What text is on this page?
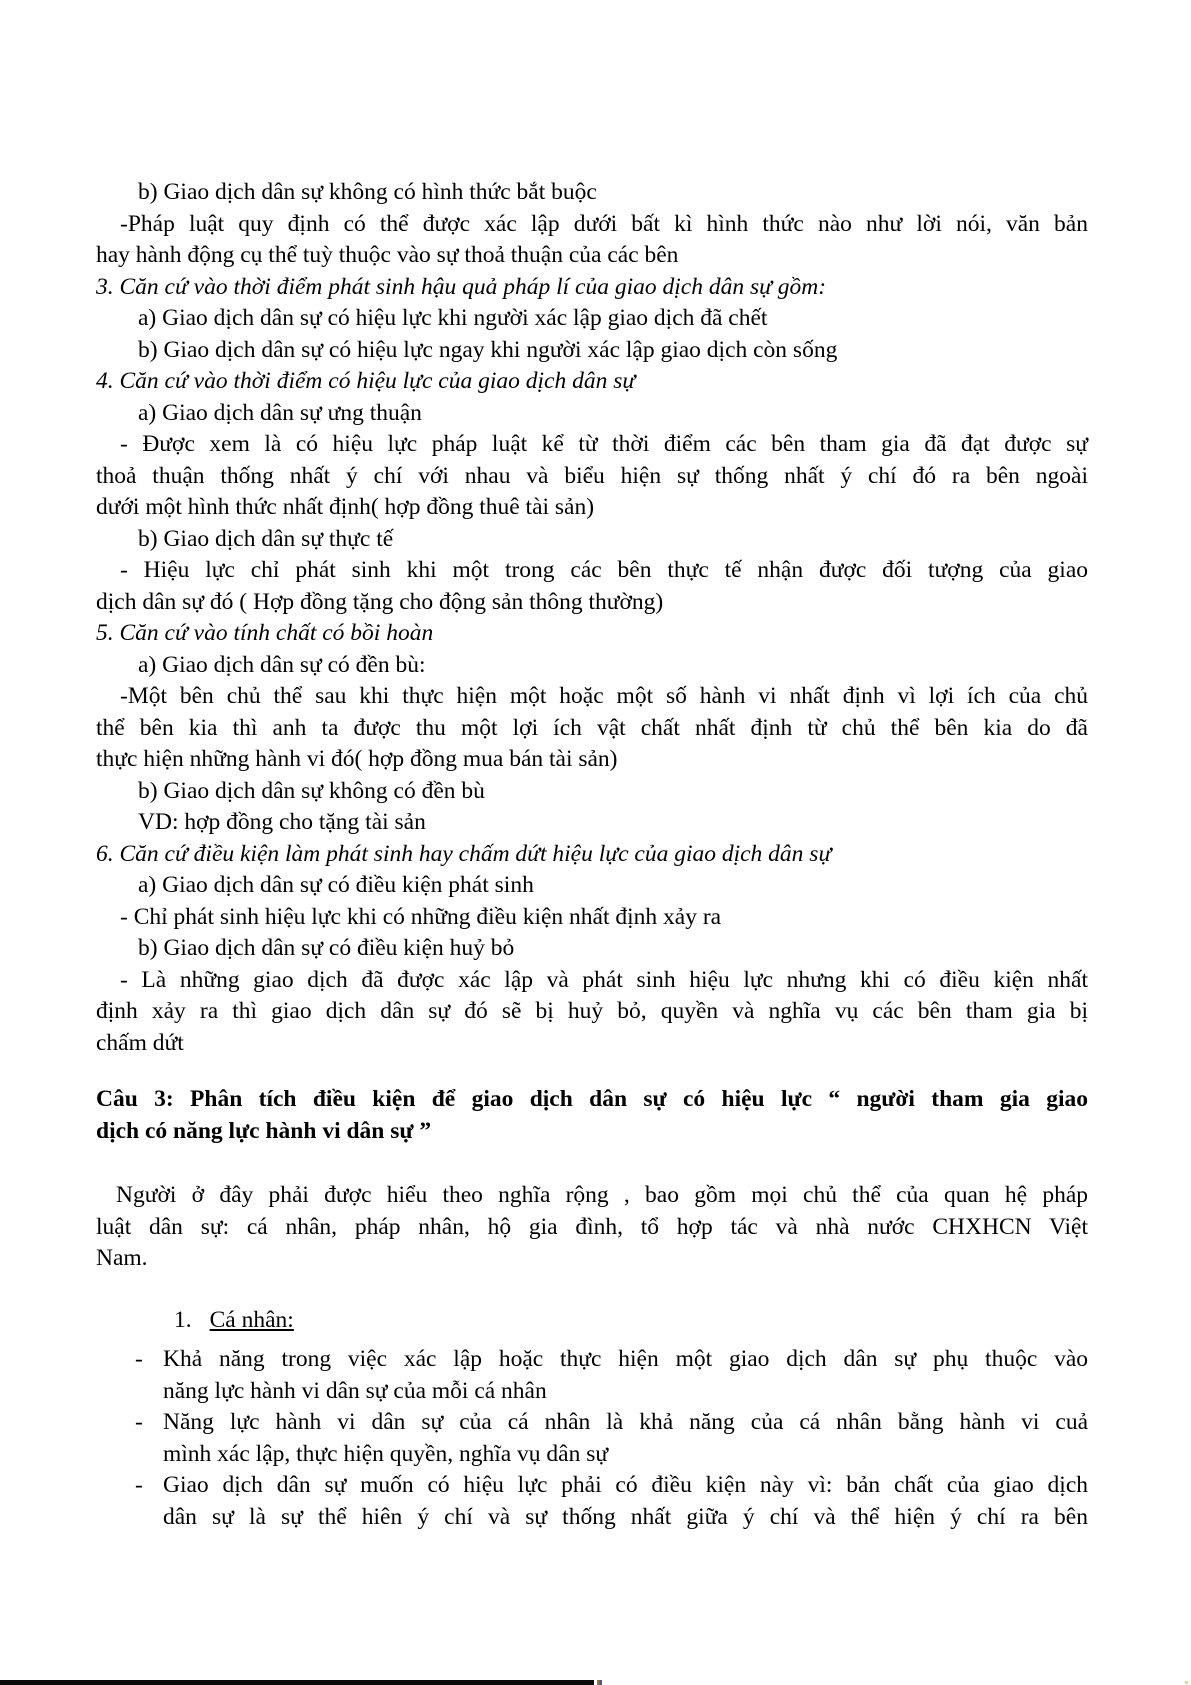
b) Giao dịch dân sự không có hình thức bắt buộc
-Pháp luật quy định có thể được xác lập dưới bất kì hình thức nào như lời nói, văn bản
hay hành động cụ thể tuỳ thuộc vào sự thoả thuận của các bên
3. Căn cứ vào thời điểm phát sinh hậu quả pháp lí của giao dịch dân sự gồm:
a) Giao dịch dân sự có hiệu lực khi người xác lập giao dịch đã chết
b) Giao dịch dân sự có hiệu lực ngay khi người xác lập giao dịch còn sống
4. Căn cứ vào thời điểm có hiệu lực của giao dịch dân sự
a) Giao dịch dân sự ưng thuận
- Được xem là có hiệu lực pháp luật kể từ thời điểm các bên tham gia đã đạt được sự
thoả thuận thống nhất ý chí với nhau và biểu hiện sự thống nhất ý chí đó ra bên ngoài
dưới một hình thức nhất định( hợp đồng thuê tài sản)
b) Giao dịch dân sự thực tế
- Hiệu lực chỉ phát sinh khi một trong các bên thực tế nhận được đối tượng của giao
dịch dân sự đó ( Hợp đồng tặng cho động sản thông thường)
5. Căn cứ vào tính chất có bồi hoàn
a) Giao dịch dân sự có đền bù:
-Một bên chủ thể sau khi thực hiện một hoặc một số hành vi nhất định vì lợi ích của chủ
thể bên kia thì anh ta được thu một lợi ích vật chất nhất định từ chủ thể bên kia do đã
thực hiện những hành vi đó( hợp đồng mua bán tài sản)
b) Giao dịch dân sự không có đền bù
VD: hợp đồng cho tặng tài sản
6. Căn cứ điều kiện làm phát sinh hay chấm dứt hiệu lực của giao dịch dân sự
a) Giao dịch dân sự có điều kiện phát sinh
- Chỉ phát sinh hiệu lực khi có những điều kiện nhất định xảy ra
b) Giao dịch dân sự có điều kiện huỷ bỏ
- Là những giao dịch đã được xác lập và phát sinh hiệu lực nhưng khi có điều kiện nhất
định xảy ra thì giao dịch dân sự đó sẽ bị huỷ bỏ, quyền và nghĩa vụ các bên tham gia bị
chấm dứt
Câu 3: Phân tích điều kiện để giao dịch dân sự có hiệu lực “ người tham gia giao
dịch có năng lực hành vi dân sự ”
Người ở đây phải được hiểu theo nghĩa rộng , bao gồm mọi chủ thể của quan hệ pháp
luật dân sự: cá nhân, pháp nhân, hộ gia đình, tổ hợp tác và nhà nước CHXHCN Việt
Nam.
1. Cá nhân:
- Khả năng trong việc xác lập hoặc thực hiện một giao dịch dân sự phụ thuộc vào
năng lực hành vi dân sự của mỗi cá nhân
- Năng lực hành vi dân sự của cá nhân là khả năng của cá nhân bằng hành vi cuả
mình xác lập, thực hiện quyền, nghĩa vụ dân sự
- Giao dịch dân sự muốn có hiệu lực phải có điều kiện này vì: bản chất của giao dịch
dân sự là sự thể hiên ý chí và sự thống nhất giữa ý chí và thể hiện ý chí ra bên
